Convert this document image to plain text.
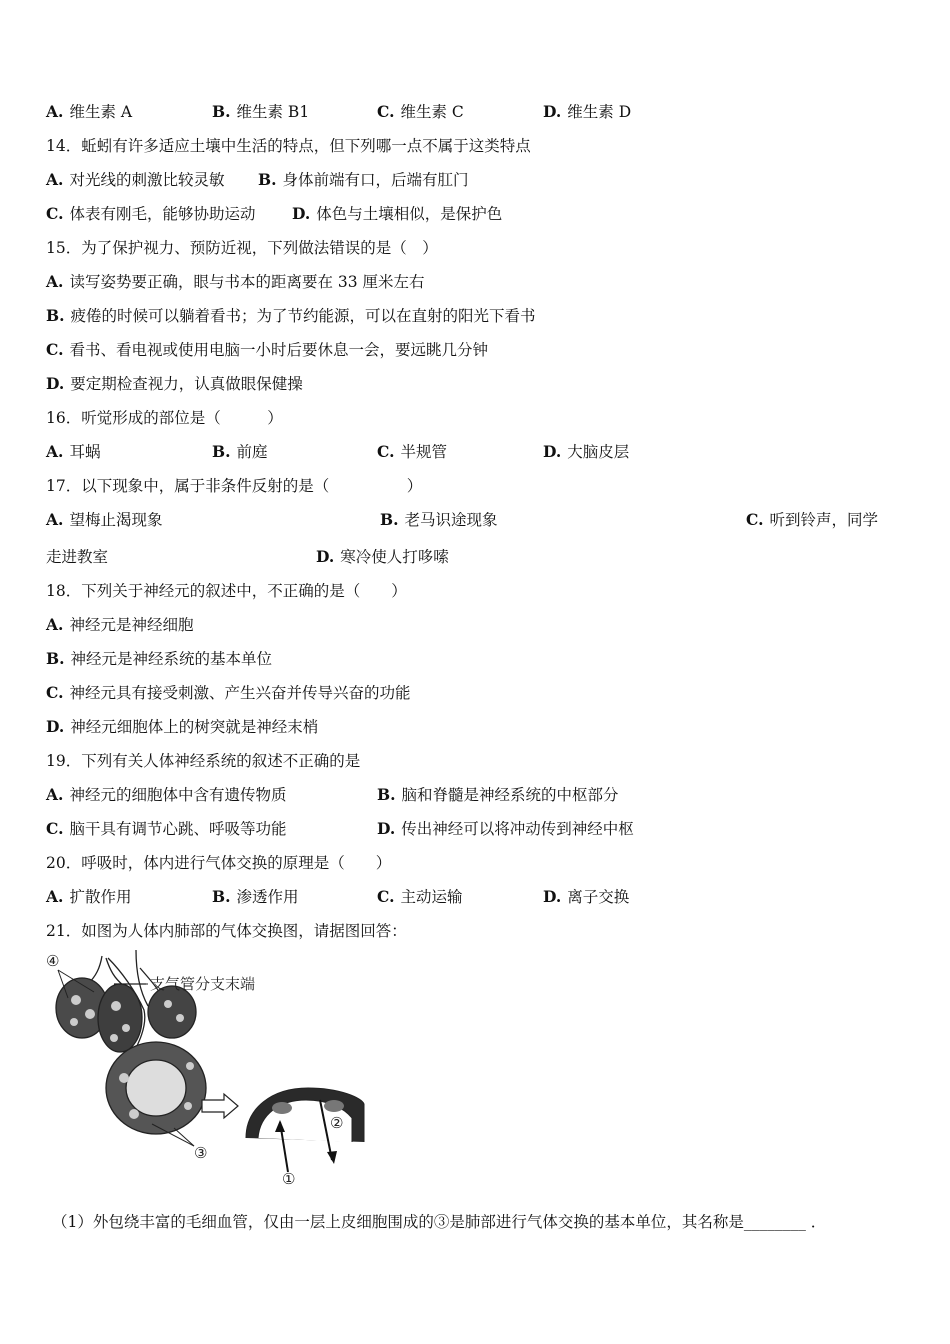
A. 维生素 A	B. 维生素 B1	C. 维生素 C	D. 维生素 D
14．蚯蚓有许多适应土壤中生活的特点，但下列哪一点不属于这类特点
A. 对光线的刺激比较灵敏 B. 身体前端有口，后端有肛门
C. 体表有刚毛，能够协助运动 D. 体色与土壤相似，是保护色
15．为了保护视力、预防近视，下列做法错误的是（　）
A. 读写姿势要正确，眼与书本的距离要在 33 厘米左右
B. 疲倦的时候可以躺着看书；为了节约能源，可以在直射的阳光下看书
C. 看书、看电视或使用电脑一小时后要休息一会，要远眺几分钟
D. 要定期检查视力，认真做眼保健操
16．听觉形成的部位是（　　　）
A. 耳蜗	B. 前庭	C. 半规管	D. 大脑皮层
17．以下现象中，属于非条件反射的是（　　　　　）
A. 望梅止渴现象	B. 老马识途现象	C. 听到铃声，同学
走进教室	D. 寒冷使人打哆嗦
18．下列关于神经元的叙述中，不正确的是（　　）
A. 神经元是神经细胞
B. 神经元是神经系统的基本单位
C. 神经元具有接受刺激、产生兴奋并传导兴奋的功能
D. 神经元细胞体上的树突就是神经末梢
19．下列有关人体神经系统的叙述不正确的是
A. 神经元的细胞体中含有遗传物质	B. 脑和脊髓是神经系统的中枢部分
C. 脑干具有调节心跳、呼吸等功能	D. 传出神经可以将冲动传到神经中枢
20．呼吸时，体内进行气体交换的原理是（　　）
A. 扩散作用	B. 渗透作用	C. 主动运输	D. 离子交换
21．如图为人体内肺部的气体交换图，请据图回答：
④
支气管分支末端
③
②
①
（1）外包绕丰富的毛细血管，仅由一层上皮细胞围成的③是肺部进行气体交换的基本单位，其名称是________ ．
